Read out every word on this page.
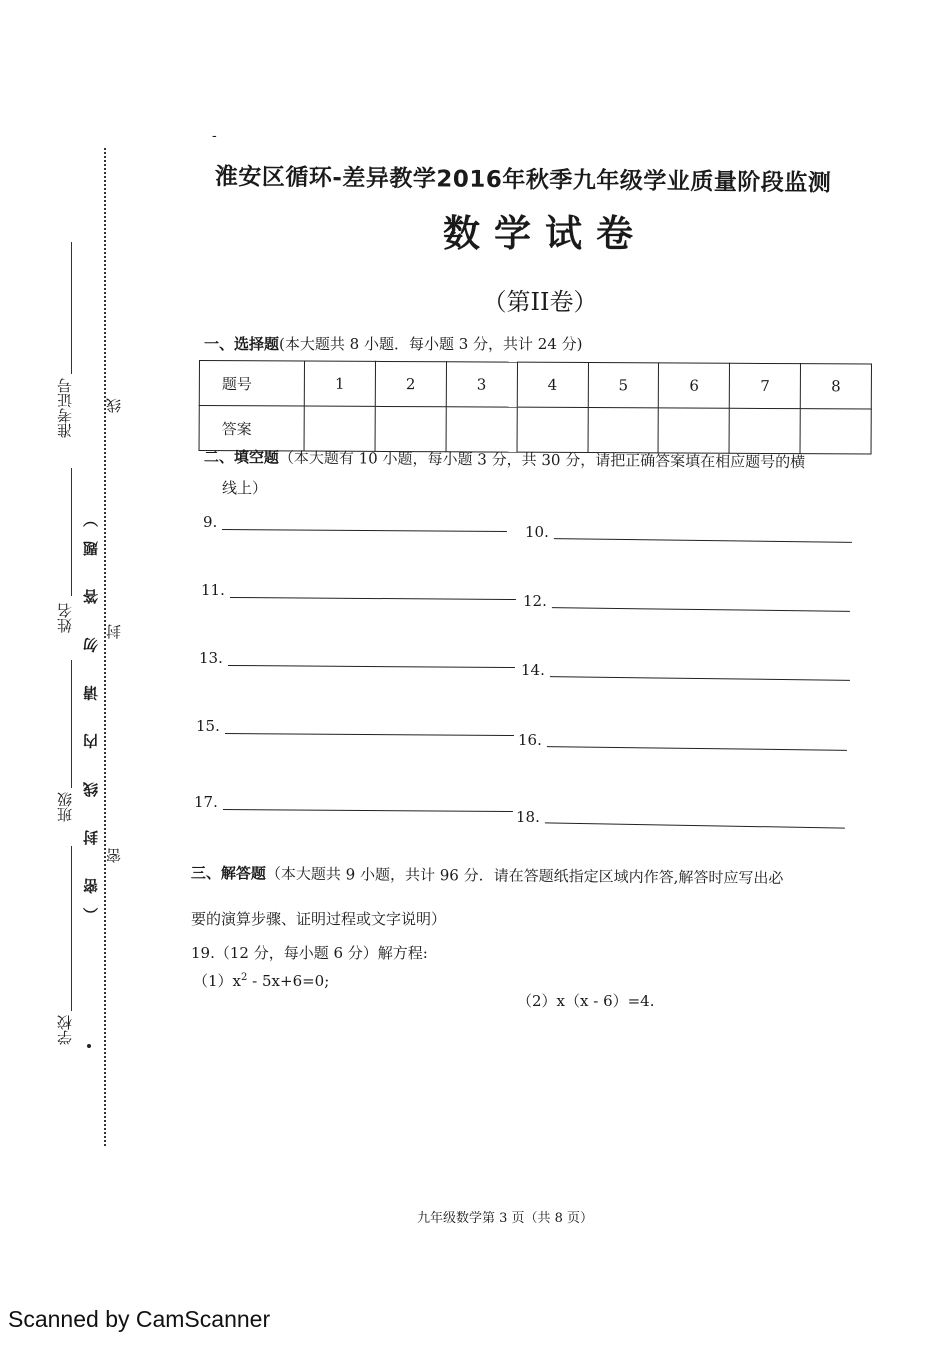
准考证号 线
姓名 （密 封 线 内 请 勿 答 题） 封
班级
密
学校
-
淮安区循环-差异教学2016年秋季九年级学业质量阶段监测
数学试卷
（第II卷）
一、选择题(本大题共 8 小题．每小题 3 分，共计 24 分)
题号	1	2	3	4	5	6	7	8
答案								
二、填空题（本大题有 10 小题，每小题 3 分，共 30 分，请把正确答案填在相应题号的横
线上）
9.
10.
11.
12.
13.
14.
15.
16.
17.
18.
三、解答题（本大题共 9 小题，共计 96 分．请在答题纸指定区域内作答,解答时应写出必
要的演算步骤、证明过程或文字说明）
19.（12 分，每小题 6 分）解方程:
$(1)x^2 - 5x+6=0$;
（2）x（x - 6）=4.
九年级数学第 3 页（共 8 页）
Scanned by CamScanner
